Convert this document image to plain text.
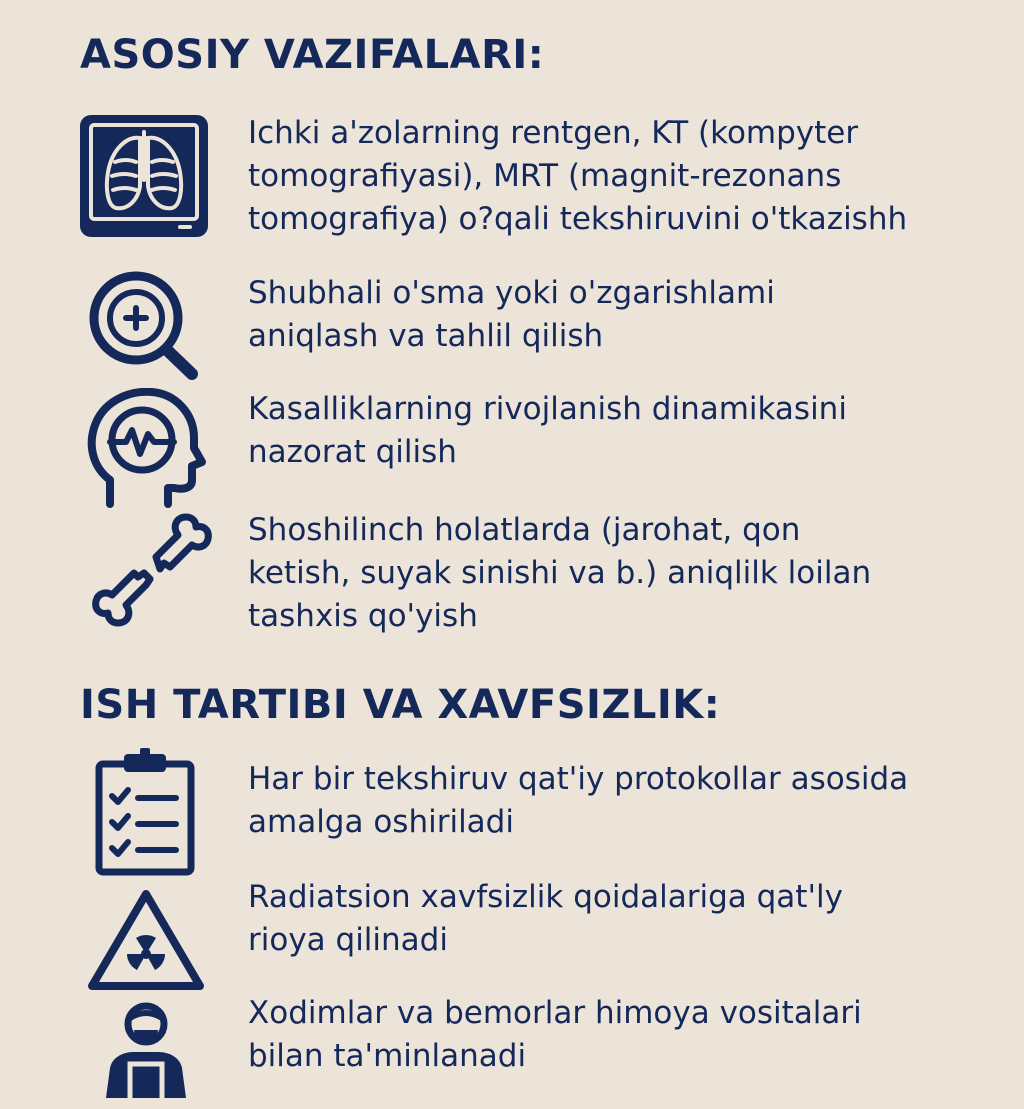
ASOSIY VAZIFALARI:
Ichki a'zolarning rentgen, KT (kompyter
tomografiyasi), MRT (magnit-rezonans
tomografiya) o?qali tekshiruvini o'tkazishh
Shubhali o'sma yoki o'zgarishlami
aniqlash va tahlil qilish
Kasalliklarning rivojlanish dinamikasini
nazorat qilish
Shoshilinch holatlarda (jarohat, qon
ketish, suyak sinishi va b.) aniqlilk loilan
tashxis qo'yish
ISH TARTIBI VA XAVFSIZLIK:
Har bir tekshiruv qat'iy protokollar asosida
amalga oshiriladi
Radiatsion xavfsizlik qoidalariga qat'ly
rioya qilinadi
Xodimlar va bemorlar himoya vositalari
bilan ta'minlanadi
